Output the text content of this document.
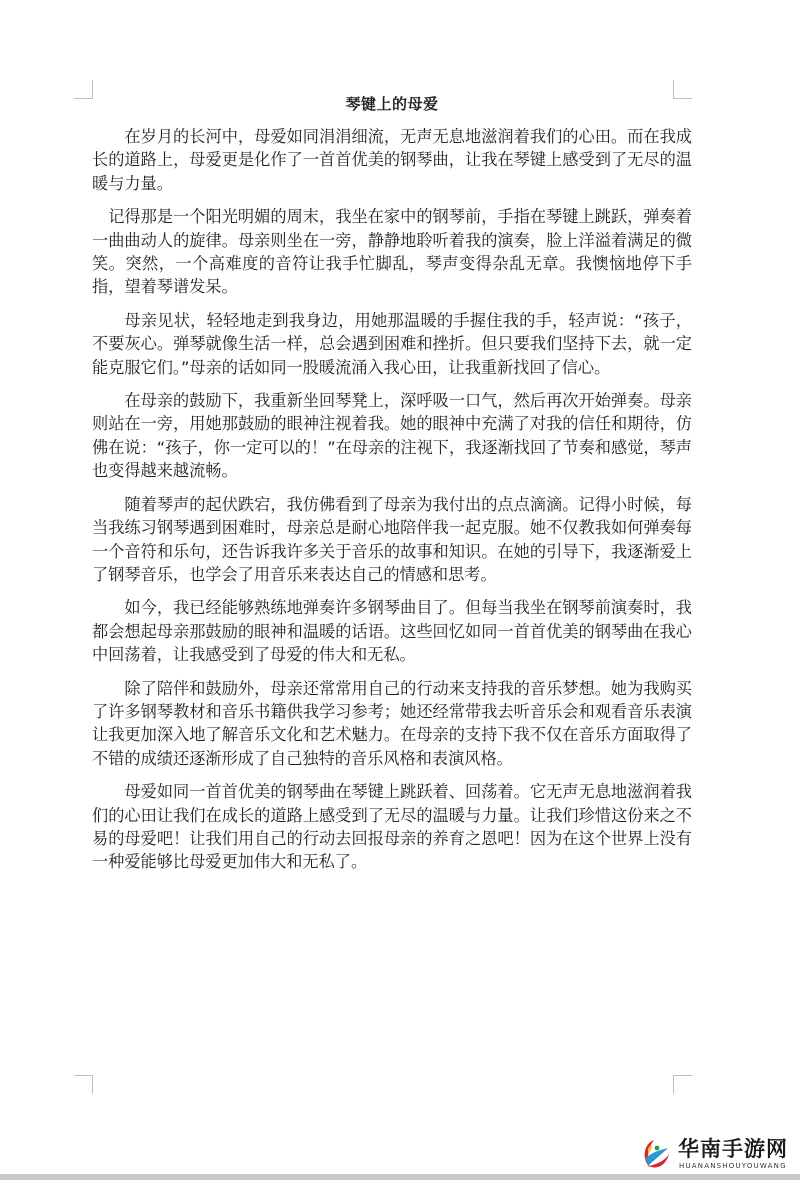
琴键上的母爱

在岁月的长河中，母爱如同涓涓细流，无声无息地滋润着我们的心田。而在我成长的道路上，母爱更是化作了一首首优美的钢琴曲，让我在琴键上感受到了无尽的温暖与力量。

记得那是一个阳光明媚的周末，我坐在家中的钢琴前，手指在琴键上跳跃，弹奏着一曲曲动人的旋律。母亲则坐在一旁，静静地聆听着我的演奏，脸上洋溢着满足的微笑。突然，一个高难度的音符让我手忙脚乱，琴声变得杂乱无章。我懊恼地停下手指，望着琴谱发呆。

母亲见状，轻轻地走到我身边，用她那温暖的手握住我的手，轻声说：“孩子，不要灰心。弹琴就像生活一样，总会遇到困难和挫折。但只要我们坚持下去，就一定能克服它们。”母亲的话如同一股暖流涌入我心田，让我重新找回了信心。

在母亲的鼓励下，我重新坐回琴凳上，深呼吸一口气，然后再次开始弹奏。母亲则站在一旁，用她那鼓励的眼神注视着我。她的眼神中充满了对我的信任和期待，仿佛在说：“孩子，你一定可以的！”在母亲的注视下，我逐渐找回了节奏和感觉，琴声也变得越来越流畅。

随着琴声的起伏跌宕，我仿佛看到了母亲为我付出的点点滴滴。记得小时候，每当我练习钢琴遇到困难时，母亲总是耐心地陪伴我一起克服。她不仅教我如何弹奏每一个音符和乐句，还告诉我许多关于音乐的故事和知识。在她的引导下，我逐渐爱上了钢琴音乐，也学会了用音乐来表达自己的情感和思考。

如今，我已经能够熟练地弹奏许多钢琴曲目了。但每当我坐在钢琴前演奏时，我都会想起母亲那鼓励的眼神和温暖的话语。这些回忆如同一首首优美的钢琴曲在我心中回荡着，让我感受到了母爱的伟大和无私。

除了陪伴和鼓励外，母亲还常常用自己的行动来支持我的音乐梦想。她为我购买了许多钢琴教材和音乐书籍供我学习参考；她还经常带我去听音乐会和观看音乐表演让我更加深入地了解音乐文化和艺术魅力。在母亲的支持下我不仅在音乐方面取得了不错的成绩还逐渐形成了自己独特的音乐风格和表演风格。

母爱如同一首首优美的钢琴曲在琴键上跳跃着、回荡着。它无声无息地滋润着我们的心田让我们在成长的道路上感受到了无尽的温暖与力量。让我们珍惜这份来之不易的母爱吧！让我们用自己的行动去回报母亲的养育之恩吧！因为在这个世界上没有一种爱能够比母爱更加伟大和无私了。

华南手游网
HUANANSHOUYOUWANG
